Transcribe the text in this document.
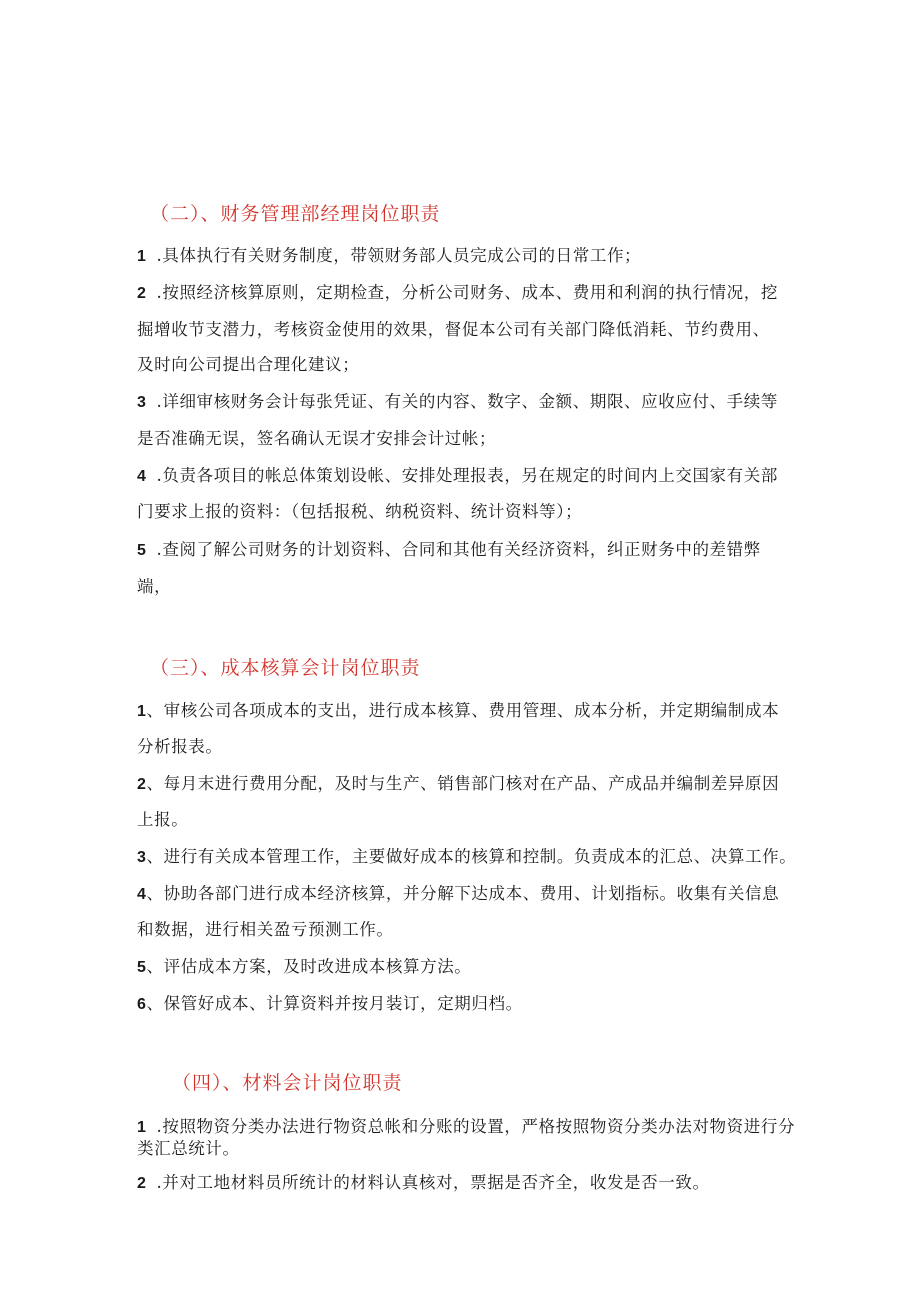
（二）、财务管理部经理岗位职责
1 .具体执行有关财务制度，带领财务部人员完成公司的日常工作；
2 .按照经济核算原则，定期检查，分析公司财务、成本、费用和利润的执行情况，挖
掘增收节支潜力，考核资金使用的效果，督促本公司有关部门降低消耗、节约费用、
及时向公司提出合理化建议；
3 .详细审核财务会计每张凭证、有关的内容、数字、金额、期限、应收应付、手续等
是否准确无误，签名确认无误才安排会计过帐；
4 .负责各项目的帐总体策划设帐、安排处理报表，另在规定的时间内上交国家有关部
门要求上报的资料：（包括报税、纳税资料、统计资料等）；
5 .查阅了解公司财务的计划资料、合同和其他有关经济资料，纠正财务中的差错弊
端，
（三）、成本核算会计岗位职责
1、审核公司各项成本的支出，进行成本核算、费用管理、成本分析，并定期编制成本
分析报表。
2、每月末进行费用分配，及时与生产、销售部门核对在产品、产成品并编制差异原因
上报。
3、进行有关成本管理工作，主要做好成本的核算和控制。负责成本的汇总、决算工作。
4、协助各部门进行成本经济核算，并分解下达成本、费用、计划指标。收集有关信息
和数据，进行相关盈亏预测工作。
5、评估成本方案，及时改进成本核算方法。
6、保管好成本、计算资料并按月装订，定期归档。
（四）、材料会计岗位职责
1 .按照物资分类办法进行物资总帐和分账的设置，严格按照物资分类办法对物资进行分
类汇总统计。
2 .并对工地材料员所统计的材料认真核对，票据是否齐全，收发是否一致。
